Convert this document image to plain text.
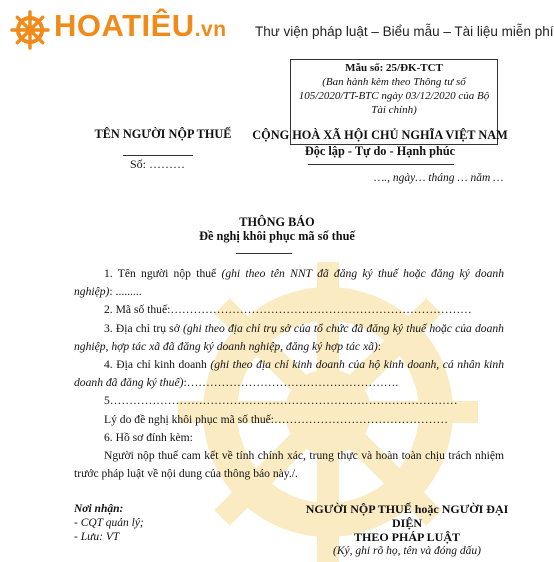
HOATIÊU.vn Thư viện pháp luật – Biểu mẫu – Tài liệu miễn phí
Mẫu số: 25/ĐK-TCT
(Ban hành kèm theo Thông tư số
105/2020/TT-BTC ngày 03/12/2020 của Bộ
Tài chính)
TÊN NGƯỜI NỘP THUẾ
Số: ………
CỘNG HOÀ XÃ HỘI CHỦ NGHĨA VIỆT NAM
Độc lập - Tự do - Hạnh phúc
…., ngày… tháng … năm …
THÔNG BÁO
Đề nghị khôi phục mã số thuế

1. Tên người nộp thuế (ghi theo tên NNT đã đăng ký thuế hoặc đăng ký doanh nghiệp): .........

2. Mã số thuế:……………………………………………………………………

3. Địa chỉ trụ sở (ghi theo địa chỉ trụ sở của tổ chức đã đăng ký thuế hoặc của doanh nghiệp, hợp tác xã đã đăng ký doanh nghiệp, đăng ký hợp tác xã):

4. Địa chỉ kinh doanh (ghi theo địa chỉ kinh doanh của hộ kinh doanh, cá nhân kinh doanh đã đăng ký thuế):……………………………………………….

5………………………………………………………………………………

Lý do đề nghị khôi phục mã số thuế:………………………………………

6. Hồ sơ đính kèm:

Người nộp thuế cam kết về tính chính xác, trung thực và hoàn toàn chịu trách nhiệm trước pháp luật về nội dung của thông báo này./.

Nơi nhận:
- CQT quản lý;
- Lưu: VT
NGƯỜI NỘP THUẾ hoặc NGƯỜI ĐẠI DIỆN
THEO PHÁP LUẬT
(Ký, ghi rõ họ, tên và đóng dấu)
